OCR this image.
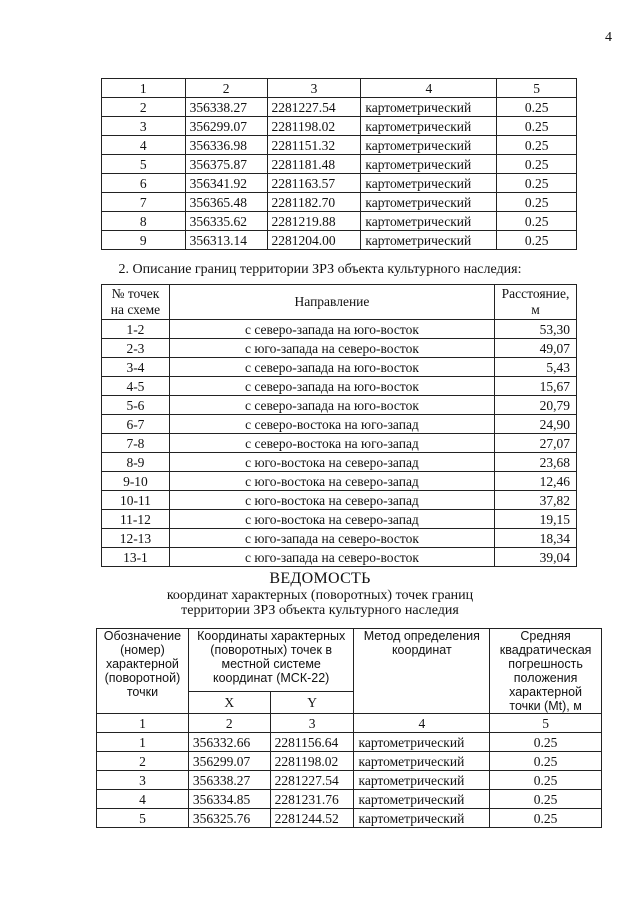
4
1	2	3	4	5
2	356338.27	2281227.54	картометрический	0.25
3	356299.07	2281198.02	картометрический	0.25
4	356336.98	2281151.32	картометрический	0.25
5	356375.87	2281181.48	картометрический	0.25
6	356341.92	2281163.57	картометрический	0.25
7	356365.48	2281182.70	картометрический	0.25
8	356335.62	2281219.88	картометрический	0.25
9	356313.14	2281204.00	картометрический	0.25
2. Описание границ территории ЗРЗ объекта культурного наследия:
№ точек на схеме	Направление	Расстояние, м
1-2	с северо-запада на юго-восток	53,30
2-3	с юго-запада на северо-восток	49,07
3-4	с северо-запада на юго-восток	5,43
4-5	с северо-запада на юго-восток	15,67
5-6	с северо-запада на юго-восток	20,79
6-7	с северо-востока на юго-запад	24,90
7-8	с северо-востока на юго-запад	27,07
8-9	с юго-востока на северо-запад	23,68
9-10	с юго-востока на северо-запад	12,46
10-11	с юго-востока на северо-запад	37,82
11-12	с юго-востока на северо-запад	19,15
12-13	с юго-запада на северо-восток	18,34
13-1	с юго-запада на северо-восток	39,04
ВЕДОМОСТЬ
координат характерных (поворотных) точек границ
территории ЗРЗ объекта культурного наследия
Обозначение (номер) характерной (поворотной) точки	Координаты характерных (поворотных) точек в местной системе координат (МСК-22)		Метод определения координат	Средняя квадратическая погрешность положения характерной точки (Mt), м
	X	Y		
1	2	3	4	5
1	356332.66	2281156.64	картометрический	0.25
2	356299.07	2281198.02	картометрический	0.25
3	356338.27	2281227.54	картометрический	0.25
4	356334.85	2281231.76	картометрический	0.25
5	356325.76	2281244.52	картометрический	0.25
